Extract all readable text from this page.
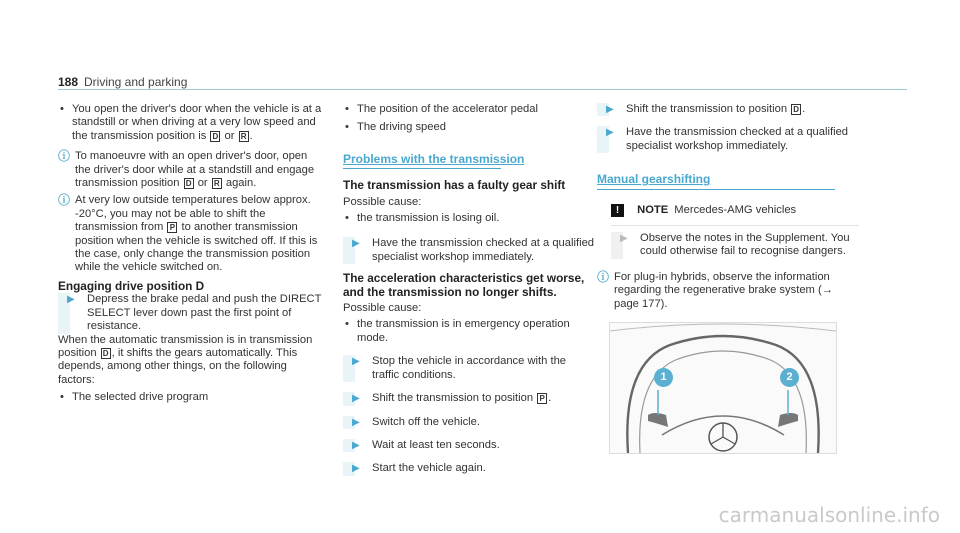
188 Driving and parking

• You open the driver's door when the vehicle is at a standstill or when driving at a very low speed and the transmission position is D or R .

ⓘ To manoeuvre with an open driver's door, open the driver's door while at a standstill and engage transmission position D or R again.

ⓘ At very low outside temperatures below approx. -20°C, you may not be able to shift the transmission from P to another transmission position when the vehicle is switched off. If this is the case, only change the transmission position while the vehicle switched on.

Engaging drive position D

▶ Depress the brake pedal and push the DIRECT SELECT lever down past the first point of resistance.

When the automatic transmission is in transmission position D , it shifts the gears automatically. This depends, among other things, on the following factors:

• The selected drive program

• The position of the accelerator pedal

• The driving speed

Problems with the transmission

The transmission has a faulty gear shift

Possible cause:

• the transmission is losing oil.

▶ Have the transmission checked at a qualified specialist workshop immediately.

The acceleration characteristics get worse, and the transmission no longer shifts.

Possible cause:

• the transmission is in emergency operation mode.

▶ Stop the vehicle in accordance with the traffic conditions.

▶ Shift the transmission to position P .

▶ Switch off the vehicle.

▶ Wait at least ten seconds.

▶ Start the vehicle again.

▶ Shift the transmission to position D .

▶ Have the transmission checked at a qualified specialist workshop immediately.

Manual gearshifting

! NOTE Mercedes-AMG vehicles

▶ Observe the notes in the Supplement. You could otherwise fail to recognise dangers.

ⓘ For plug-in hybrids, observe the information regarding the regenerative brake system (→ page 177).

1	2
carmanualsonline.info
